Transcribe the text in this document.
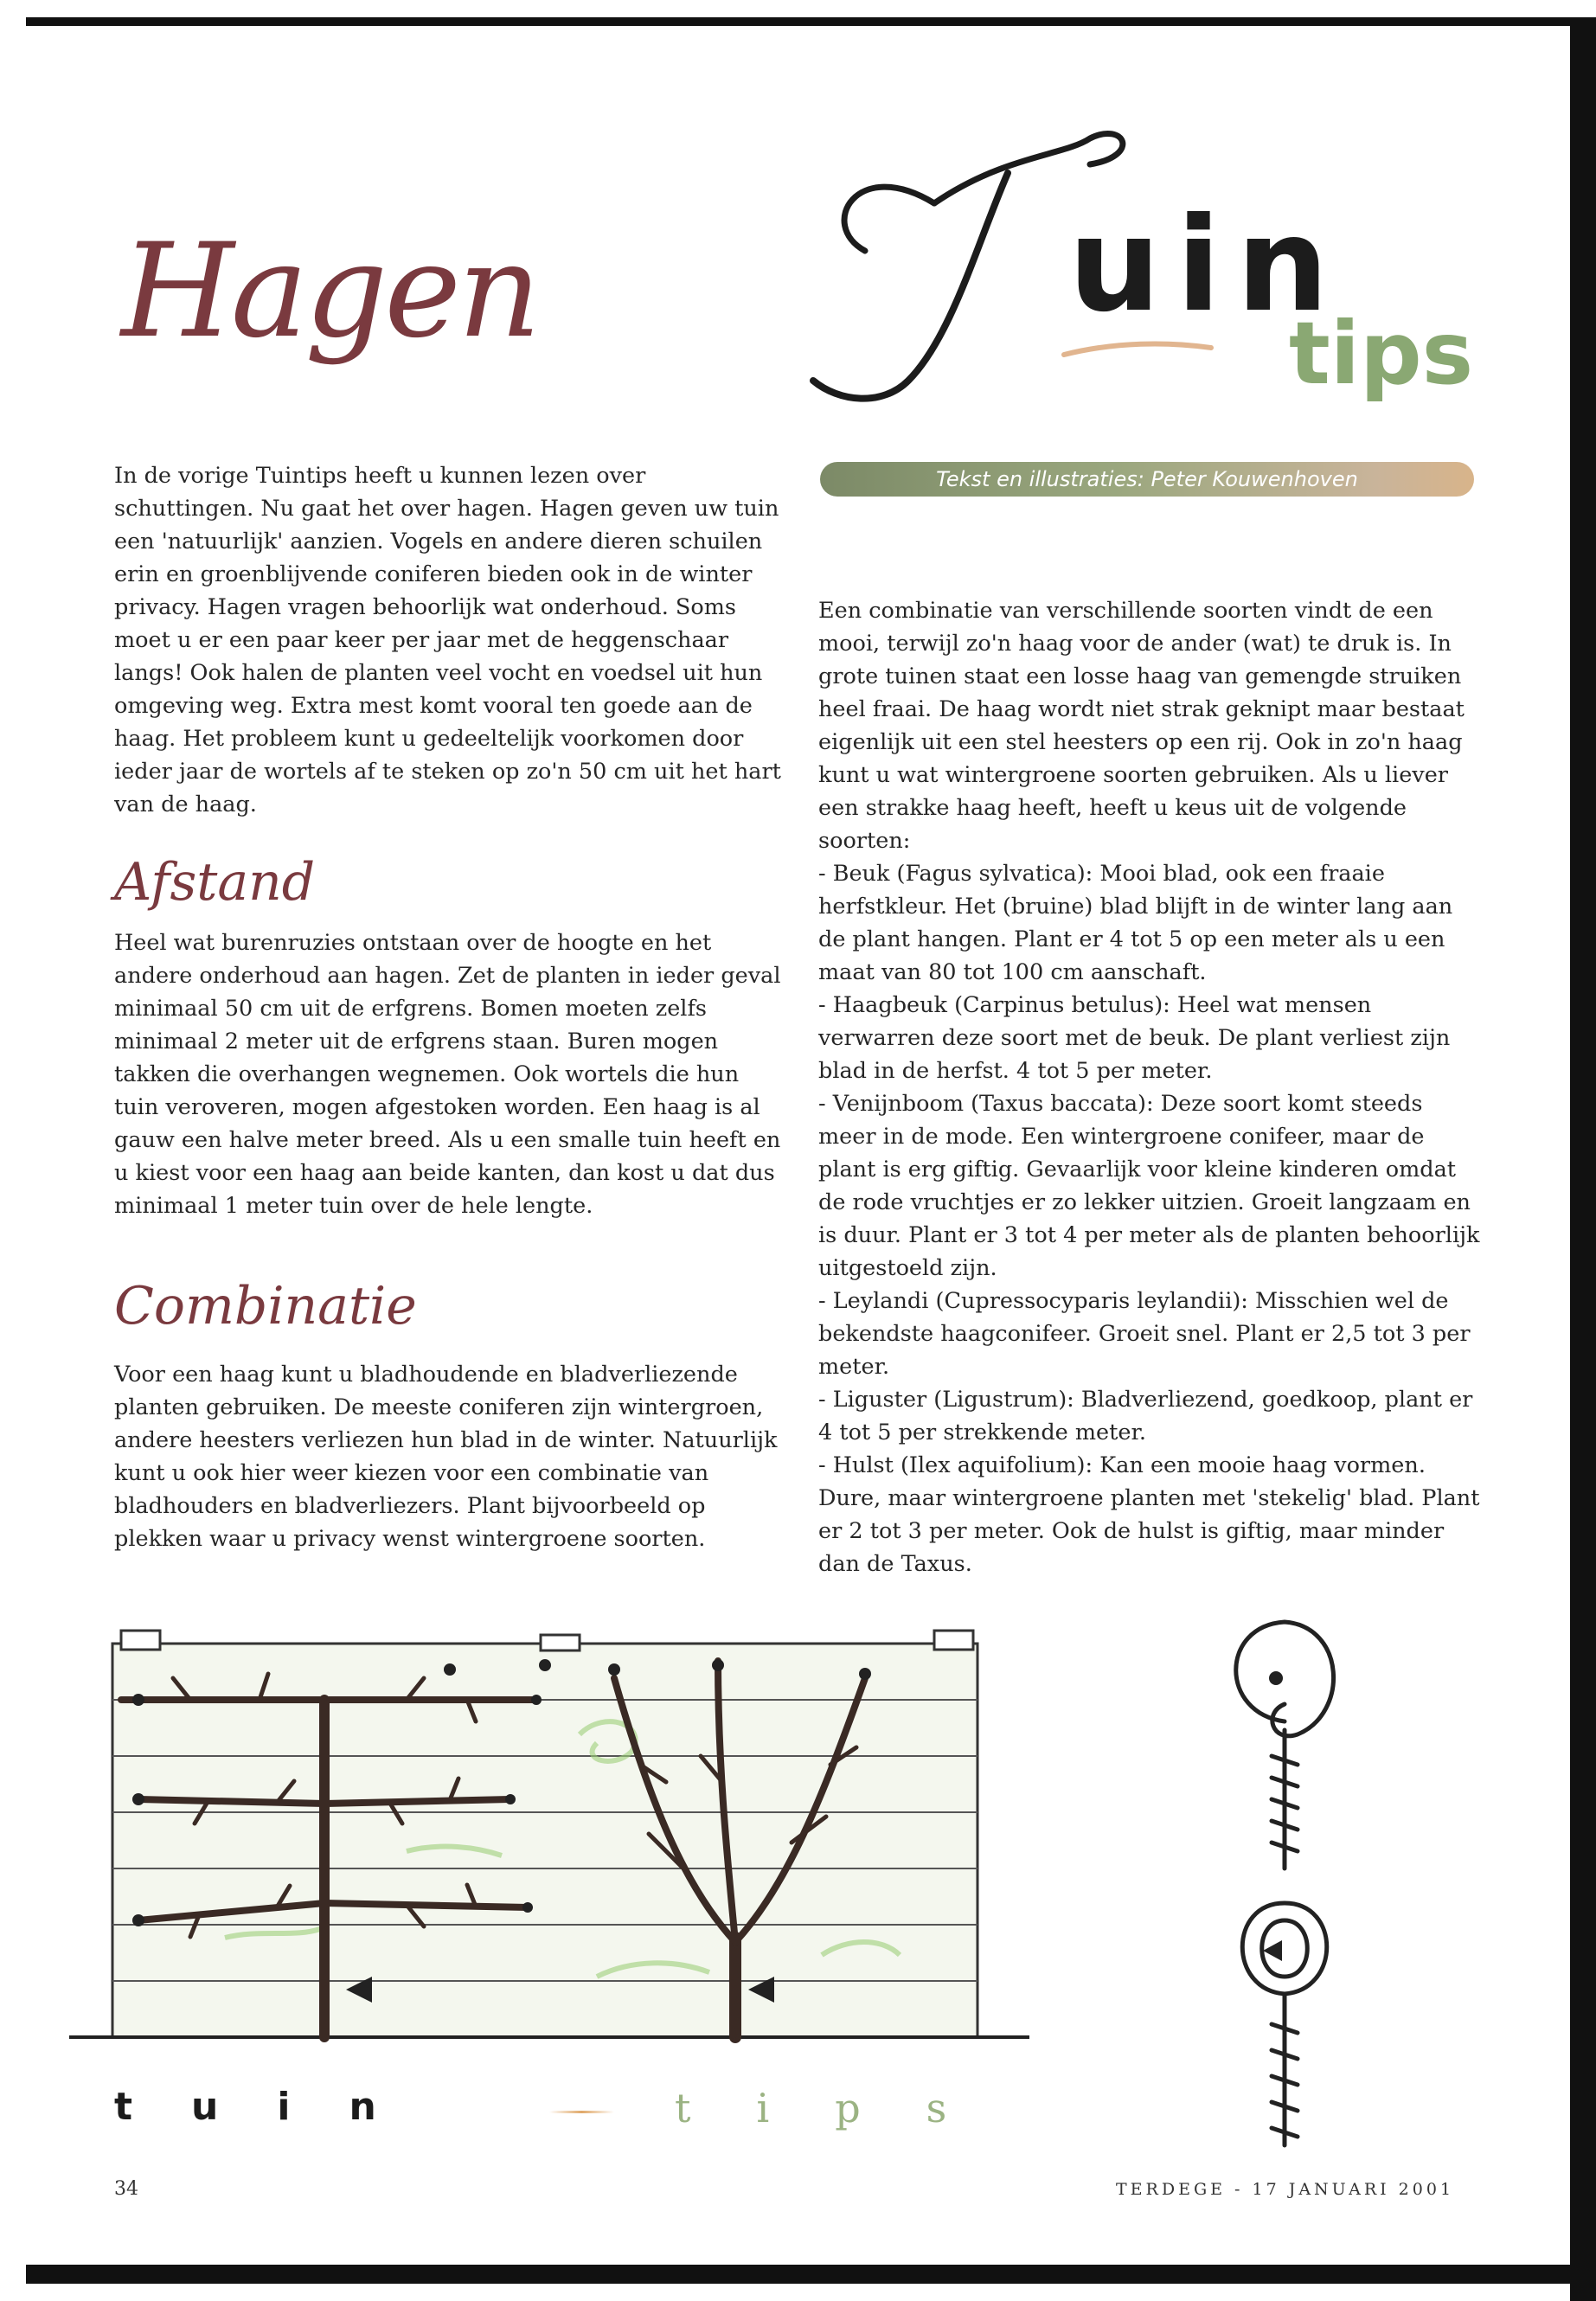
Hagen	uin
tips
Tekst en illustraties: Peter Kouwenhoven

In de vorige Tuintips heeft u kunnen lezen over schuttingen. Nu gaat het over hagen. Hagen geven uw tuin een 'natuurlijk' aanzien. Vogels en andere dieren schuilen erin en groenblijvende coniferen bieden ook in de winter privacy. Hagen vragen behoorlijk wat onderhoud. Soms moet u er een paar keer per jaar met de heggenschaar langs! Ook halen de planten veel vocht en voedsel uit hun omgeving weg. Extra mest komt vooral ten goede aan de haag. Het probleem kunt u gedeeltelijk voorkomen door ieder jaar de wortels af te steken op zo'n 50 cm uit het hart van de haag.

Afstand

Heel wat burenruzies ontstaan over de hoogte en het andere onderhoud aan hagen. Zet de planten in ieder geval minimaal 50 cm uit de erfgrens. Bomen moeten zelfs minimaal 2 meter uit de erfgrens staan. Buren mogen takken die overhangen wegnemen. Ook wortels die hun tuin veroveren, mogen afgestoken worden. Een haag is al gauw een halve meter breed. Als u een smalle tuin heeft en u kiest voor een haag aan beide kanten, dan kost u dat dus minimaal 1 meter tuin over de hele lengte.

Combinatie

Voor een haag kunt u bladhoudende en bladverliezende planten gebruiken. De meeste coniferen zijn wintergroen, andere heesters verliezen hun blad in de winter. Natuurlijk kunt u ook hier weer kiezen voor een combinatie van bladhouders en bladverliezers. Plant bijvoorbeeld op plekken waar u privacy wenst wintergroene soorten.

Een combinatie van verschillende soorten vindt de een mooi, terwijl zo'n haag voor de ander (wat) te druk is. In grote tuinen staat een losse haag van gemengde struiken heel fraai. De haag wordt niet strak geknipt maar bestaat eigenlijk uit een stel heesters op een rij. Ook in zo'n haag kunt u wat wintergroene soorten gebruiken. Als u liever een strakke haag heeft, heeft u keus uit de volgende soorten:

- Beuk (Fagus sylvatica): Mooi blad, ook een fraaie herfstkleur. Het (bruine) blad blijft in de winter lang aan de plant hangen. Plant er 4 tot 5 op een meter als u een maat van 80 tot 100 cm aanschaft.

- Haagbeuk (Carpinus betulus): Heel wat mensen verwarren deze soort met de beuk. De plant verliest zijn blad in de herfst. 4 tot 5 per meter.

- Venijnboom (Taxus baccata): Deze soort komt steeds meer in de mode. Een wintergroene conifeer, maar de plant is erg giftig. Gevaarlijk voor kleine kinderen omdat de rode vruchtjes er zo lekker uitzien. Groeit langzaam en is duur. Plant er 3 tot 4 per meter als de planten behoorlijk uitgestoeld zijn.

- Leylandi (Cupressocyparis leylandii): Misschien wel de bekendste haagconifeer. Groeit snel. Plant er 2,5 tot 3 per meter.

- Liguster (Ligustrum): Bladverliezend, goedkoop, plant er 4 tot 5 per strekkende meter.

- Hulst (Ilex aquifolium): Kan een mooie haag vormen. Dure, maar wintergroene planten met 'stekelig' blad. Plant er 2 tot 3 per meter. Ook de hulst is giftig, maar minder dan de Taxus.

tuin	tips
34	TERDEGE - 17 JANUARI 2001
